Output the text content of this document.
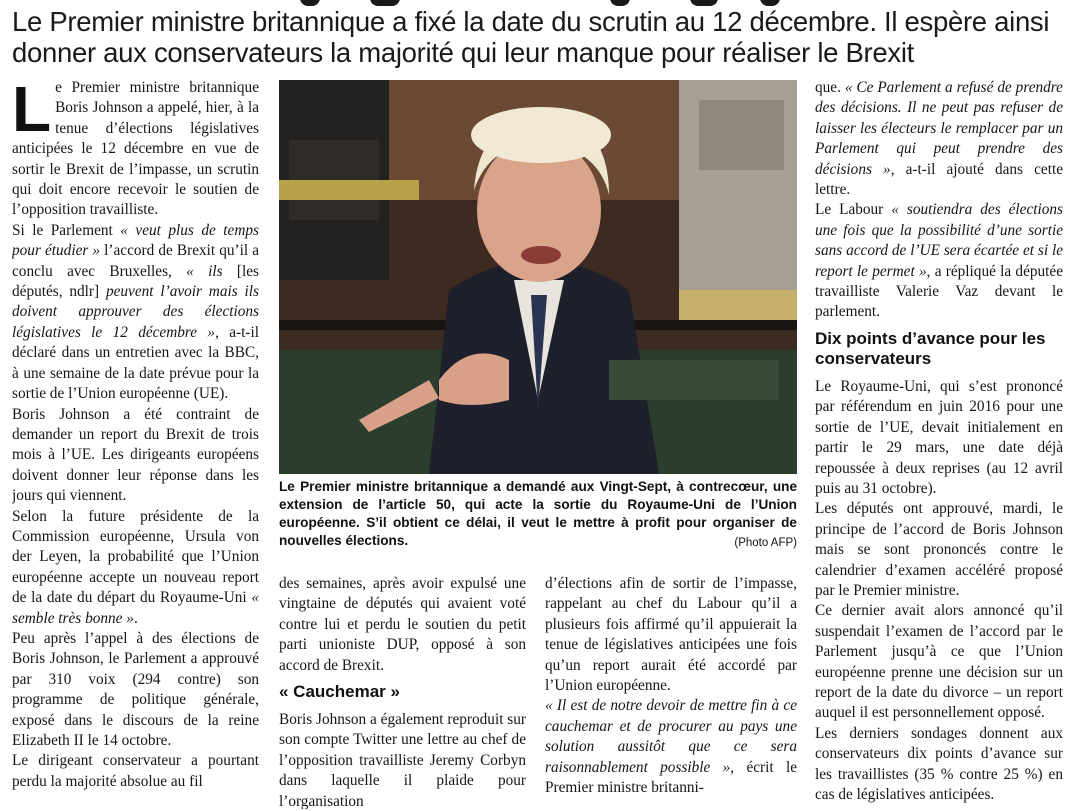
Le Premier ministre britannique a fixé la date du scrutin au 12 décembre. Il espère ainsi donner aux conservateurs la majorité qui leur manque pour réaliser le Brexit

Le Premier ministre britannique Boris Johnson a appelé, hier, à la tenue d’élections législatives anticipées le 12 décembre en vue de sortir le Brexit de l’impasse, un scrutin qui doit encore recevoir le soutien de l’opposition travailliste.

Si le Parlement « veut plus de temps pour étudier » l’accord de Brexit qu’il a conclu avec Bruxelles, « ils [les députés, ndlr] peuvent l’avoir mais ils doivent approuver des élections législatives le 12 décembre », a-t-il déclaré dans un entretien avec la BBC, à une semaine de la date prévue pour la sortie de l’Union européenne (UE).

Boris Johnson a été contraint de demander un report du Brexit de trois mois à l’UE. Les dirigeants européens doivent donner leur réponse dans les jours qui viennent.

Selon la future présidente de la Commission européenne, Ursula von der Leyen, la probabilité que l’Union européenne accepte un nouveau report de la date du départ du Royaume-Uni « semble très bonne ».

Peu après l’appel à des élections de Boris Johnson, le Parlement a approuvé par 310 voix (294 contre) son programme de politique générale, exposé dans le discours de la reine Elizabeth II le 14 octobre.

Le dirigeant conservateur a pourtant perdu la majorité absolue au fil

Le Premier ministre britannique a demandé aux Vingt-Sept, à contrecœur, une extension de l’article 50, qui acte la sortie du Royaume-Uni de l’Union européenne. S’il obtient ce délai, il veut le mettre à profit pour organiser de nouvelles élections.	(Photo AFP)

des semaines, après avoir expulsé une vingtaine de députés qui avaient voté contre lui et perdu le soutien du petit parti unioniste DUP, opposé à son accord de Brexit.

« Cauchemar »

Boris Johnson a également reproduit sur son compte Twitter une lettre au chef de l’opposition travailliste Jeremy Corbyn dans laquelle il plaide pour l’organisation

d’élections afin de sortir de l’impasse, rappelant au chef du Labour qu’il a plusieurs fois affirmé qu’il appuierait la tenue de législatives anticipées une fois qu’un report aurait été accordé par l’Union européenne.

« Il est de notre devoir de mettre fin à ce cauchemar et de procurer au pays une solution aussitôt que ce sera raisonnablement possible », écrit le Premier ministre britanni-

que. « Ce Parlement a refusé de prendre des décisions. Il ne peut pas refuser de laisser les électeurs le remplacer par un Parlement qui peut prendre des décisions », a-t-il ajouté dans cette lettre.

Le Labour « soutiendra des élections une fois que la possibilité d’une sortie sans accord de l’UE sera écartée et si le report le permet », a répliqué la députée travailliste Valerie Vaz devant le parlement.

Dix points d’avance pour les conservateurs

Le Royaume-Uni, qui s’est prononcé par référendum en juin 2016 pour une sortie de l’UE, devait initialement en partir le 29 mars, une date déjà repoussée à deux reprises (au 12 avril puis au 31 octobre).

Les députés ont approuvé, mardi, le principe de l’accord de Boris Johnson mais se sont prononcés contre le calendrier d’examen accéléré proposé par le Premier ministre.

Ce dernier avait alors annoncé qu’il suspendait l’examen de l’accord par le Parlement jusqu’à ce que l’Union européenne prenne une décision sur un report de la date du divorce – un report auquel il est personnellement opposé.

Les derniers sondages donnent aux conservateurs dix points d’avance sur les travaillistes (35 % contre 25 %) en cas de législatives anticipées.
